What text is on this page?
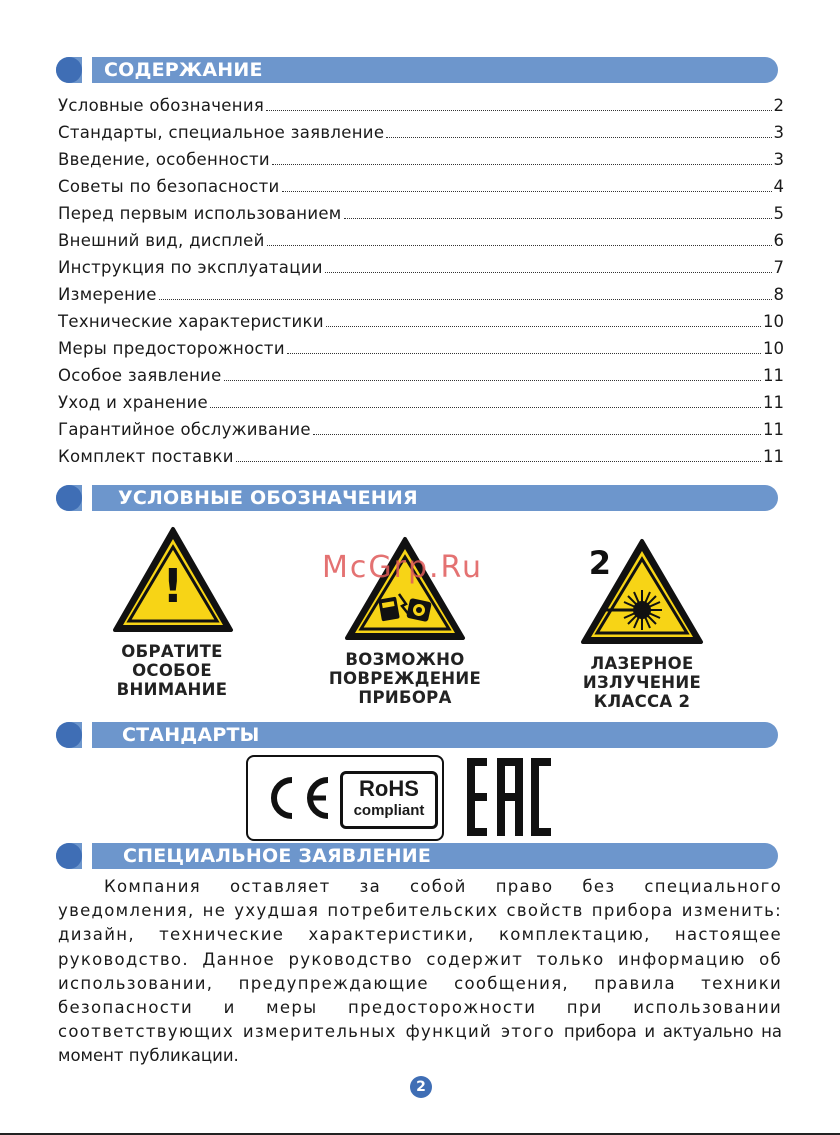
СОДЕРЖАНИЕ
Условные обозначения	2
Стандарты, специальное заявление	3
Введение, особенности	3
Советы по безопасности	4
Перед первым использованием	5
Внешний вид, дисплей	6
Инструкция по эксплуатации	7
Измерение	8
Технические характеристики	10
Меры предосторожности	10
Особое заявление	11
Уход и хранение	11
Гарантийное обслуживание	11
Комплект поставки	11
УСЛОВНЫЕ ОБОЗНАЧЕНИЯ
!
ОБРАТИТЕ
ОСОБОЕ
ВНИМАНИЕ
ВОЗМОЖНО
ПОВРЕЖДЕНИЕ
ПРИБОРА
2
ЛАЗЕРНОЕ
ИЗЛУЧЕНИЕ
КЛАССА 2
McGrp.Ru
СТАНДАРТЫ
RoHS
compliant
СПЕЦИАЛЬНОЕ ЗАЯВЛЕНИЕ
Компания оставляет за собой право без специального уведомления, не ухудшая потребительских свойств прибора изменить: дизайн, технические характеристики, комплектацию, настоящее руководство. Данное руководство содержит только информацию об использовании, предупреждающие сообщения, правила техники безопасности и меры предосторожности при использовании соответствующих измерительных функций этого прибора и актуально на момент публикации.
2
